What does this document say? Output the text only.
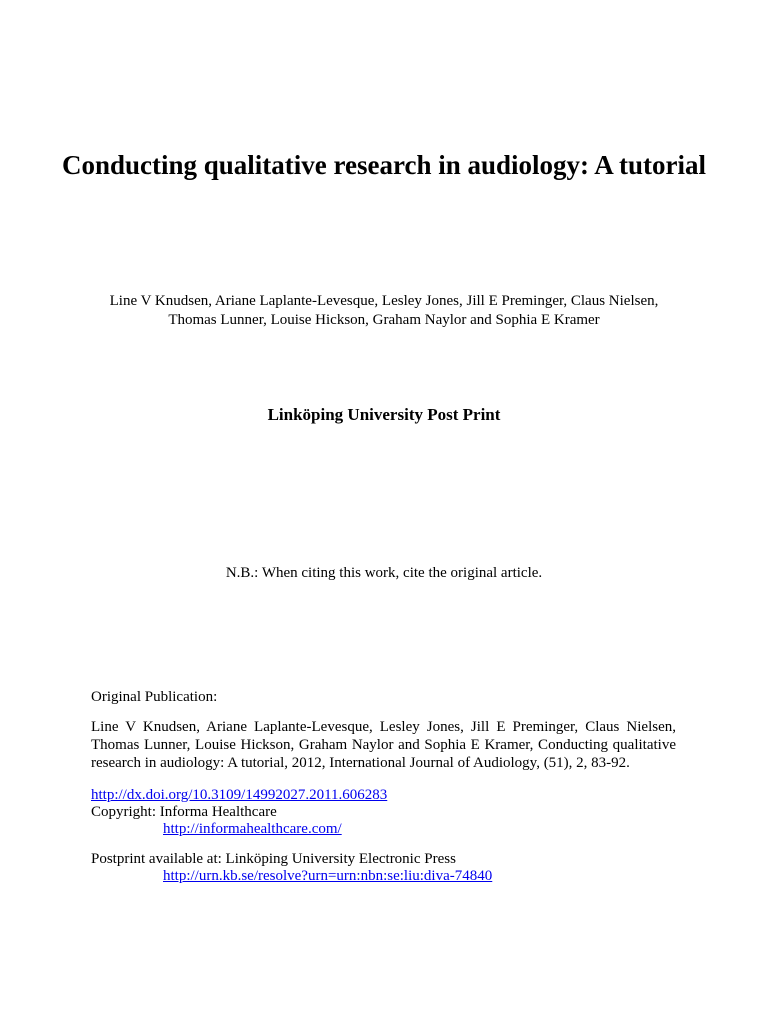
Conducting qualitative research in audiology: A tutorial
Line V Knudsen, Ariane Laplante-Levesque, Lesley Jones, Jill E Preminger, Claus Nielsen,
Thomas Lunner, Louise Hickson, Graham Naylor and Sophia E Kramer
Linköping University Post Print
N.B.: When citing this work, cite the original article.
Original Publication:
Line V Knudsen, Ariane Laplante-Levesque, Lesley Jones, Jill E Preminger, Claus Nielsen, Thomas Lunner, Louise Hickson, Graham Naylor and Sophia E Kramer, Conducting qualitative research in audiology: A tutorial, 2012, International Journal of Audiology, (51), 2, 83-92.
http://dx.doi.org/10.3109/14992027.2011.606283
Copyright: Informa Healthcare
http://informahealthcare.com/
Postprint available at: Linköping University Electronic Press
http://urn.kb.se/resolve?urn=urn:nbn:se:liu:diva-74840
